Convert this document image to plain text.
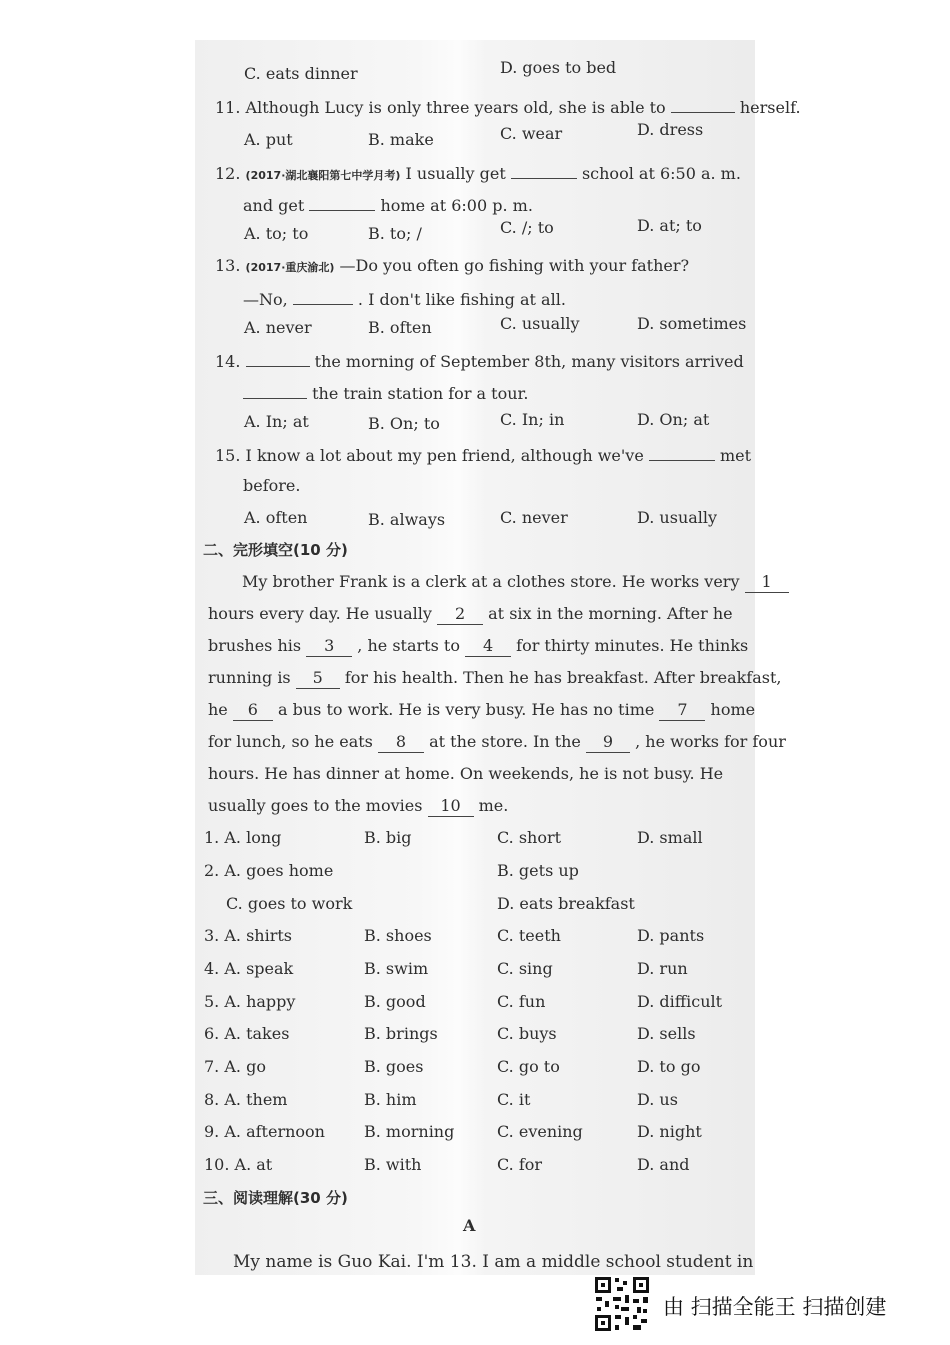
C. eats dinner	D. goes to bed
11. Although Lucy is only three years old, she is able to	herself.
A. put	B. make	C. wear	D. dress
12. (2017·湖北襄阳第七中学月考) I usually get	school at 6:50 a. m.
and get	home at 6:00 p. m.
A. to; to	B. to; /	C. /; to	D. at; to
13. (2017·重庆渝北) —Do you often go fishing with your father?
—No,	. I don't like fishing at all.
A. never	B. often	C. usually	D. sometimes
14.	the morning of September 8th, many visitors arrived
the train station for a tour.
A. In; at	B. On; to	C. In; in	D. On; at
15. I know a lot about my pen friend, although we've	met
before.
A. often	B. always	C. never	D. usually
二、完形填空(10 分)
My brother Frank is a clerk at a clothes store. He works very 1
hours every day. He usually 2 at six in the morning. After he
brushes his 3 , he starts to 4 for thirty minutes. He thinks
running is 5 for his health. Then he has breakfast. After breakfast,
he 6 a bus to work. He is very busy. He has no time 7 home
for lunch, so he eats 8 at the store. In the 9 , he works for four
hours. He has dinner at home. On weekends, he is not busy. He
usually goes to the movies 10 me.
1. A. long	B. big	C. short	D. small
2. A. goes home	B. gets up
C. goes to work	D. eats breakfast
3. A. shirts	B. shoes	C. teeth	D. pants
4. A. speak	B. swim	C. sing	D. run
5. A. happy	B. good	C. fun	D. difficult
6. A. takes	B. brings	C. buys	D. sells
7. A. go	B. goes	C. go to	D. to go
8. A. them	B. him	C. it	D. us
9. A. afternoon B. morning	C. evening	D. night
10. A. at	B. with	C. for	D. and
三、阅读理解(30 分)
A
My name is Guo Kai. I'm 13. I am a middle school student in
由 扫描全能王 扫描创建
